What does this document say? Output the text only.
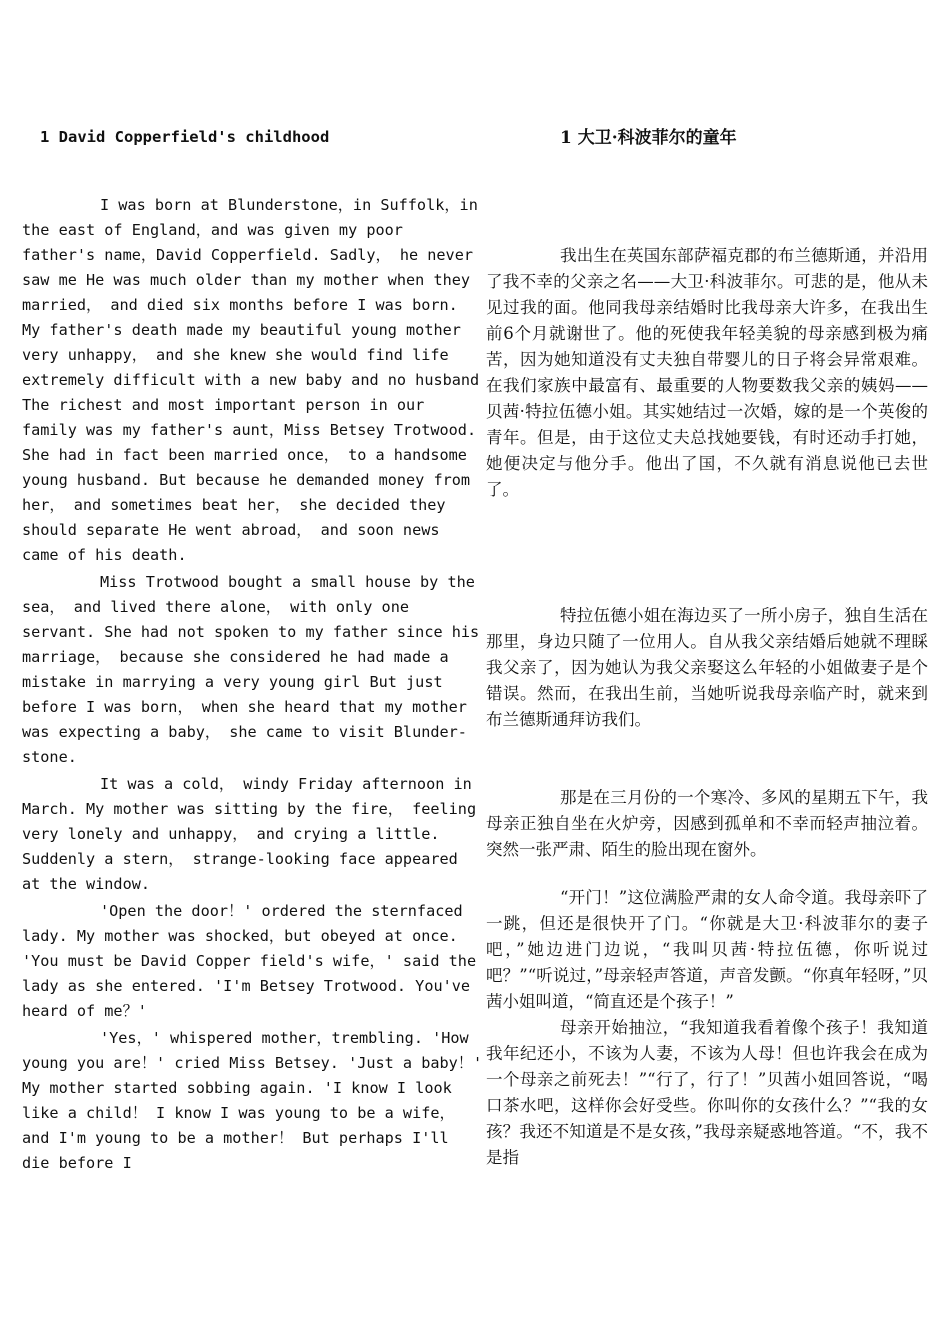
1 David Copperfield's childhood

I was born at Blunderstone，in Suffolk，in the east of England，and was given my poor father's name，David Copperfield. Sadly， he never saw me He was much older than my mother when they married， and died six months before I was born. My father's death made my beautiful young mother very unhappy， and she knew she would find life extremely difficult with a new baby and no husband The richest and most important person in our family was my father's aunt，Miss Betsey Trotwood. She had in fact been married once， to a handsome young husband. But because he demanded money from her， and sometimes beat her， she decided they should separate He went abroad， and soon news came of his death.

Miss Trotwood bought a small house by the sea， and lived there alone， with only one servant. She had not spoken to my father since his marriage， because she considered he had made a mistake in marrying a very young girl But just before I was born， when she heard that my mother was expecting a baby， she came to visit Blunder- stone.

It was a cold， windy Friday afternoon in March. My mother was sitting by the fire， feeling very lonely and unhappy， and crying a little. Suddenly a stern， strange-looking face appeared at the window.

'Open the door！' ordered the sternfaced lady. My mother was shocked，but obeyed at once. 'You must be David Copper field's wife，' said the lady as she entered. 'I'm Betsey Trotwood. You've heard of me？'

'Yes，' whispered mother，trembling. 'How young you are！' cried Miss Betsey. 'Just a baby！' My mother started sobbing again. 'I know I look like a child！ I know I was young to be a wife， and I'm young to be a mother！ But perhaps I'll die before I

1 大卫·科波菲尔的童年

我出生在英国东部萨福克郡的布兰德斯通，并沿用了我不幸的父亲之名——大卫·科波菲尔。可悲的是，他从未见过我的面。他同我母亲结婚时比我母亲大许多，在我出生前6个月就谢世了。他的死使我年轻美貌的母亲感到极为痛苦，因为她知道没有丈夫独自带婴儿的日子将会异常艰难。在我们家族中最富有、最重要的人物要数我父亲的姨妈——贝茜·特拉伍德小姐。其实她结过一次婚，嫁的是一个英俊的青年。但是，由于这位丈夫总找她要钱，有时还动手打她，她便决定与他分手。他出了国，不久就有消息说他已去世了。

特拉伍德小姐在海边买了一所小房子，独自生活在那里，身边只随了一位用人。自从我父亲结婚后她就不理睬我父亲了，因为她认为我父亲娶这么年轻的小姐做妻子是个错误。然而，在我出生前，当她听说我母亲临产时，就来到布兰德斯通拜访我们。

那是在三月份的一个寒冷、多风的星期五下午，我母亲正独自坐在火炉旁，因感到孤单和不幸而轻声抽泣着。突然一张严肃、陌生的脸出现在窗外。

“开门！”这位满脸严肃的女人命令道。我母亲吓了一跳，但还是很快开了门。“你就是大卫·科波菲尔的妻子吧，”她边进门边说，“我叫贝茜·特拉伍德，你听说过吧？”“听说过，”母亲轻声答道，声音发颤。“你真年轻呀，”贝茜小姐叫道，“简直还是个孩子！”

母亲开始抽泣，“我知道我看着像个孩子！我知道我年纪还小，不该为人妻，不该为人母！但也许我会在成为一个母亲之前死去！”“行了，行了！”贝茜小姐回答说，“喝口茶水吧，这样你会好受些。你叫你的女孩什么？”“我的女孩？我还不知道是不是女孩，”我母亲疑惑地答道。“不，我不是指
